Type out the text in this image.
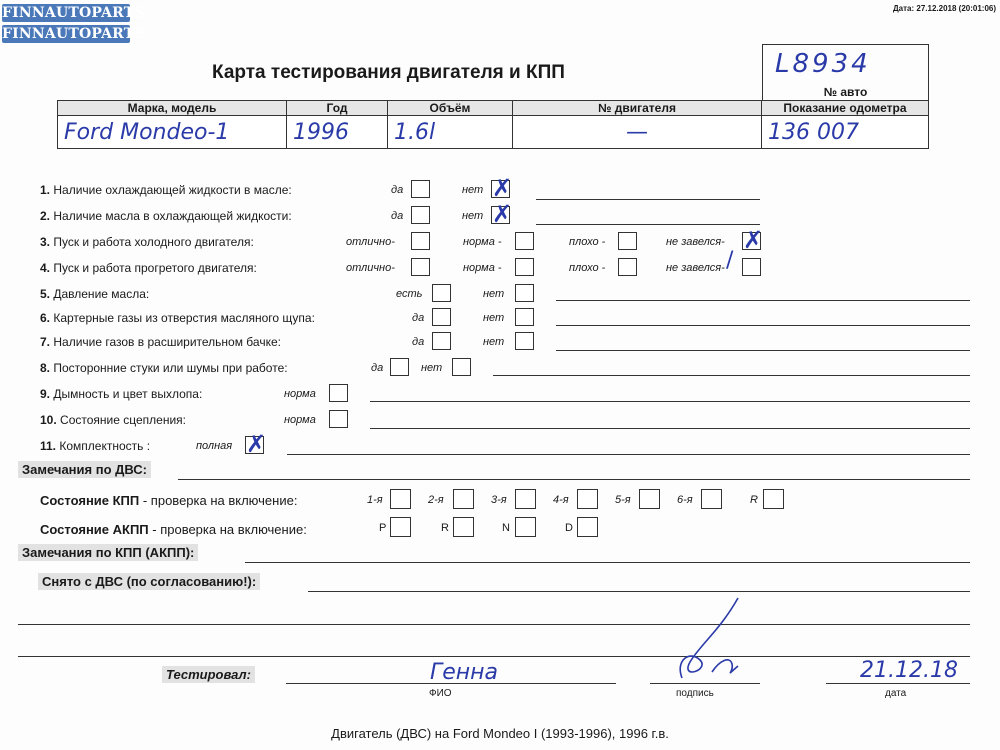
FINNAUTOPARTS
FINNAUTOPARTS
Дата: 27.12.2018 (20:01:06)
Карта тестирования двигателя и КПП	L8934
№ авто
Марка, модель	Год	Объём	№ двигателя	Показание одометра
Ford Mondeo-1	1996	1.6l	—	136 007
1. Наличие охлаждающей жидкости в масле:	да	нет ✗
2. Наличие масла в охлаждающей жидкости:	да	нет ✗
3. Пуск и работа холодного двигателя:	отлично-	норма -	плохо -	не завелся- ✗
4. Пуск и работа прогретого двигателя:	отлично-	норма -	плохо -	не завелся- /
5. Давление масла:	есть	нет
6. Картерные газы из отверстия масляного щупа:	да	нет
7. Наличие газов в расширительном бачке:	да	нет
8. Посторонние стуки или шумы при работе:	да	нет
9. Дымность и цвет выхлопа:	норма
10. Состояние сцепления:	норма
11. Комплектность :	полная ✗
Замечания по ДВС:
Состояние КПП - проверка на включение:	1-я	2-я	3-я	4-я	5-я	6-я	R
Состояние АКПП - проверка на включение:	P	R	N	D
Замечания по КПП (АКПП):
Снято с ДВС (по согласованию!):
Тестировал:	Генна
ФИО	подпись
21.12.18
дата
Двигатель (ДВС) на Ford Mondeo I (1993-1996), 1996 г.в.
